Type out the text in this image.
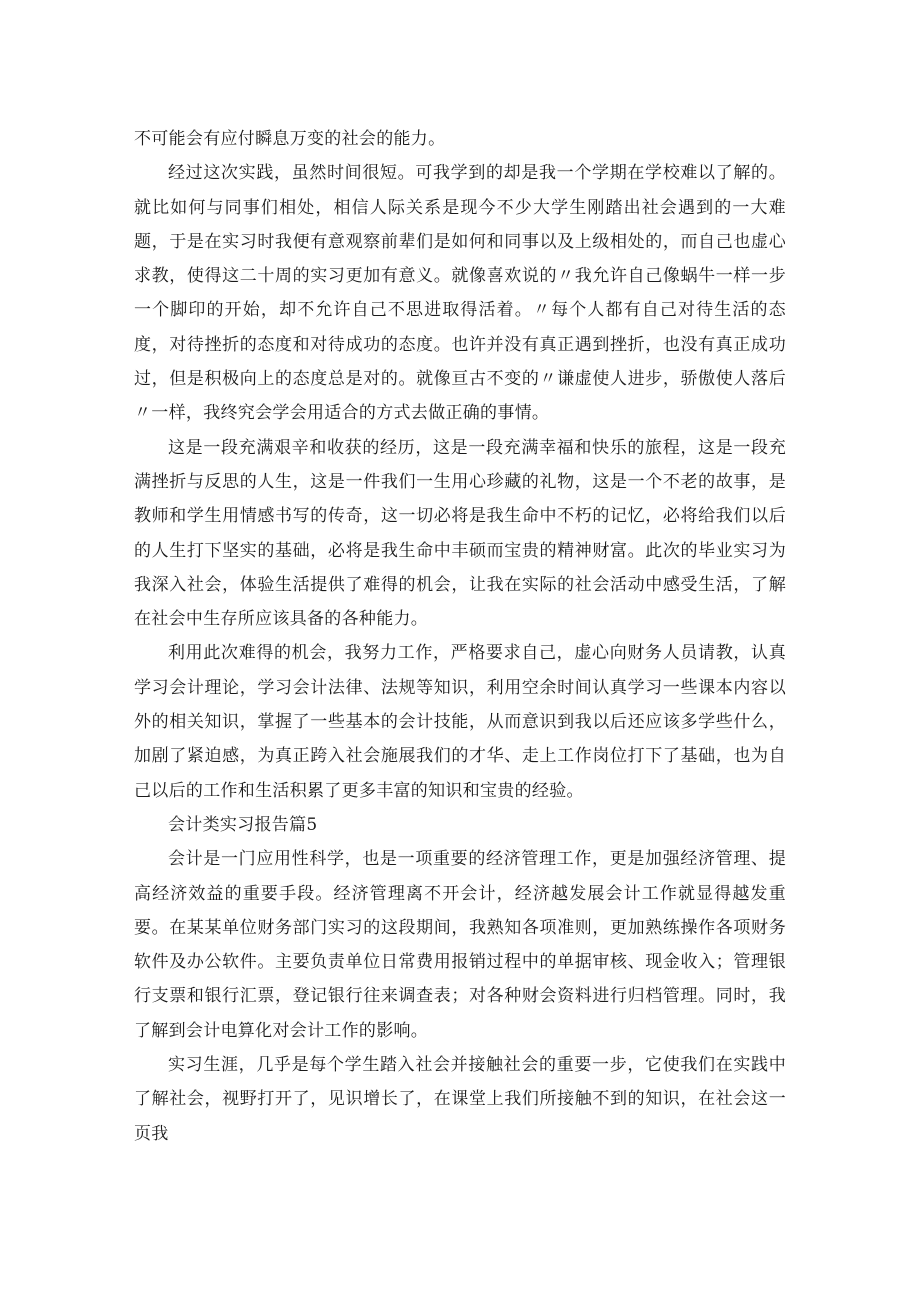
不可能会有应付瞬息万变的社会的能力。

经过这次实践，虽然时间很短。可我学到的却是我一个学期在学校难以了解的。就比如何与同事们相处，相信人际关系是现今不少大学生刚踏出社会遇到的一大难题，于是在实习时我便有意观察前辈们是如何和同事以及上级相处的，而自己也虚心求教，使得这二十周的实习更加有意义。就像喜欢说的〃我允许自己像蜗牛一样一步一个脚印的开始，却不允许自己不思进取得活着。〃每个人都有自己对待生活的态度，对待挫折的态度和对待成功的态度。也许并没有真正遇到挫折，也没有真正成功过，但是积极向上的态度总是对的。就像亘古不变的〃谦虚使人进步，骄傲使人落后〃一样，我终究会学会用适合的方式去做正确的事情。

这是一段充满艰辛和收获的经历，这是一段充满幸福和快乐的旅程，这是一段充满挫折与反思的人生，这是一件我们一生用心珍藏的礼物，这是一个不老的故事，是教师和学生用情感书写的传奇，这一切必将是我生命中不朽的记忆，必将给我们以后的人生打下坚实的基础，必将是我生命中丰硕而宝贵的精神财富。此次的毕业实习为我深入社会，体验生活提供了难得的机会，让我在实际的社会活动中感受生活，了解在社会中生存所应该具备的各种能力。

利用此次难得的机会，我努力工作，严格要求自己，虚心向财务人员请教，认真学习会计理论，学习会计法律、法规等知识，利用空余时间认真学习一些课本内容以外的相关知识，掌握了一些基本的会计技能，从而意识到我以后还应该多学些什么，加剧了紧迫感，为真正跨入社会施展我们的才华、走上工作岗位打下了基础，也为自己以后的工作和生活积累了更多丰富的知识和宝贵的经验。

会计类实习报告篇5

会计是一门应用性科学，也是一项重要的经济管理工作，更是加强经济管理、提高经济效益的重要手段。经济管理离不开会计，经济越发展会计工作就显得越发重要。在某某单位财务部门实习的这段期间，我熟知各项准则，更加熟练操作各项财务软件及办公软件。主要负责单位日常费用报销过程中的单据审核、现金收入；管理银行支票和银行汇票，登记银行往来调查表；对各种财会资料进行归档管理。同时，我了解到会计电算化对会计工作的影响。

实习生涯，几乎是每个学生踏入社会并接触社会的重要一步，它使我们在实践中了解社会，视野打开了，见识增长了，在课堂上我们所接触不到的知识，在社会这一页我
